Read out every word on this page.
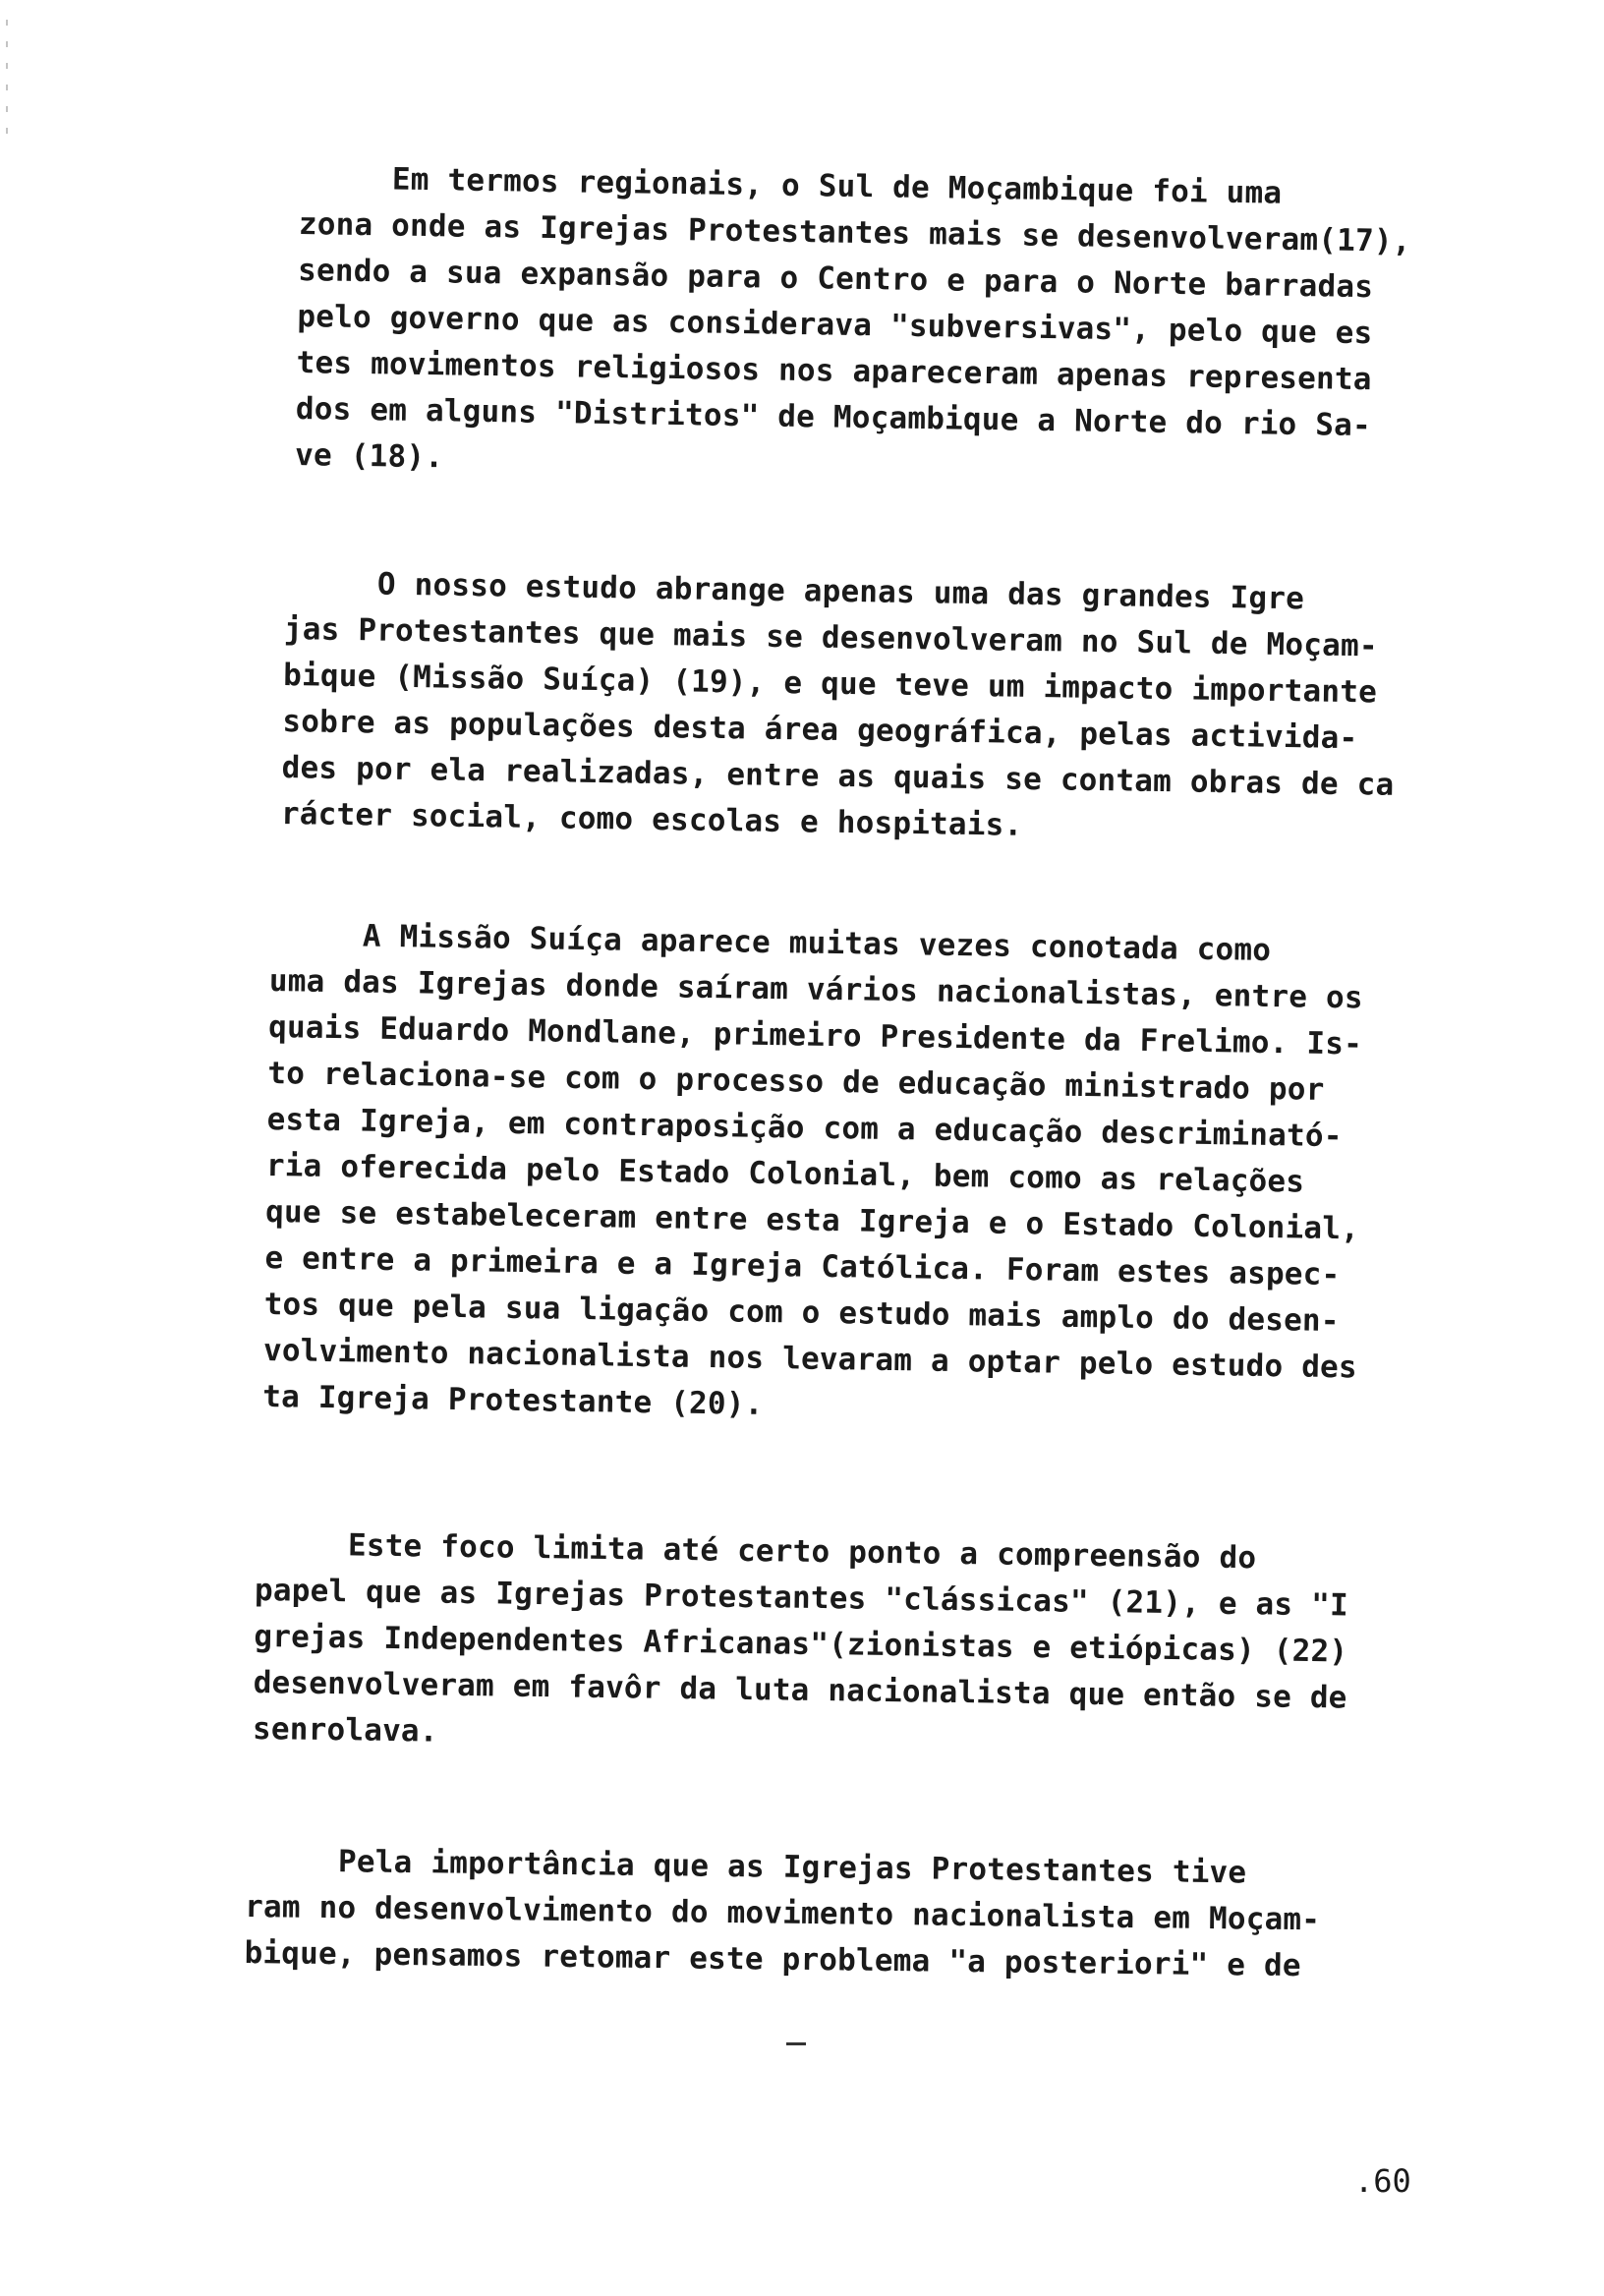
Em termos regionais, o Sul de Moçambique foi uma
zona onde as Igrejas Protestantes mais se desenvolveram(17),
sendo a sua expansão para o Centro e para o Norte barradas
pelo governo que as considerava "subversivas", pelo que es
tes movimentos religiosos nos apareceram apenas representa
dos em alguns "Distritos" de Moçambique a Norte do rio Sa-
ve (18).
O nosso estudo abrange apenas uma das grandes Igre
jas Protestantes que mais se desenvolveram no Sul de Moçam-
bique (Missão Suíça) (19), e que teve um impacto importante
sobre as populações desta área geográfica, pelas activida-
des por ela realizadas, entre as quais se contam obras de ca
rácter social, como escolas e hospitais.
A Missão Suíça aparece muitas vezes conotada como
uma das Igrejas donde saíram vários nacionalistas, entre os
quais Eduardo Mondlane, primeiro Presidente da Frelimo. Is-
to relaciona-se com o processo de educação ministrado por
esta Igreja, em contraposição com a educação descriminató-
ria oferecida pelo Estado Colonial, bem como as relações
que se estabeleceram entre esta Igreja e o Estado Colonial,
e entre a primeira e a Igreja Católica. Foram estes aspec-
tos que pela sua ligação com o estudo mais amplo do desen-
volvimento nacionalista nos levaram a optar pelo estudo des
ta Igreja Protestante (20).
Este foco limita até certo ponto a compreensão do
papel que as Igrejas Protestantes "clássicas" (21), e as "I
grejas Independentes Africanas"(zionistas e etiópicas) (22)
desenvolveram em favôr da luta nacionalista que então se de
senrolava.
Pela importância que as Igrejas Protestantes tive
ram no desenvolvimento do movimento nacionalista em Moçam-
bique, pensamos retomar este problema "a posteriori" e de
.60
